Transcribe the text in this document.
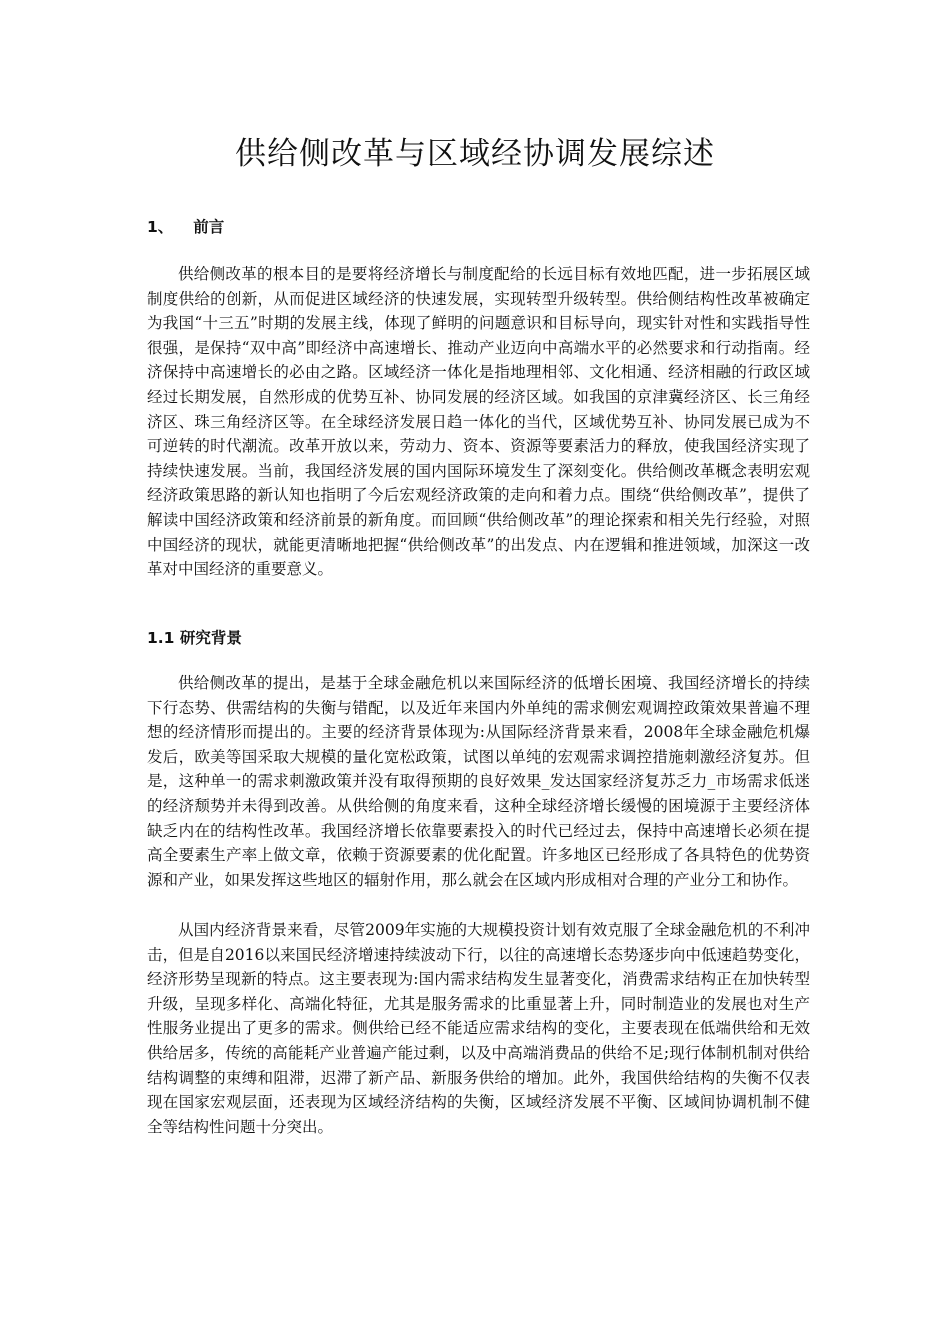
供给侧改革与区域经协调发展综述
1、 前言

供给侧改革的根本目的是要将经济增长与制度配给的长远目标有效地匹配，进一步拓展区域制度供给的创新，从而促进区域经济的快速发展，实现转型升级转型。供给侧结构性改革被确定为我国“十三五”时期的发展主线，体现了鲜明的问题意识和目标导向，现实针对性和实践指导性很强，是保持“双中高”即经济中高速增长、推动产业迈向中高端水平的必然要求和行动指南。经济保持中高速增长的必由之路。区域经济一体化是指地理相邻、文化相通、经济相融的行政区域经过长期发展，自然形成的优势互补、协同发展的经济区域。如我国的京津冀经济区、长三角经济区、珠三角经济区等。在全球经济发展日趋一体化的当代，区域优势互补、协同发展已成为不可逆转的时代潮流。改革开放以来，劳动力、资本、资源等要素活力的释放，使我国经济实现了持续快速发展。当前，我国经济发展的国内国际环境发生了深刻变化。供给侧改革概念表明宏观经济政策思路的新认知也指明了今后宏观经济政策的走向和着力点。围绕“供给侧改革”，提供了解读中国经济政策和经济前景的新角度。而回顾“供给侧改革”的理论探索和相关先行经验，对照中国经济的现状，就能更清晰地把握“供给侧改革”的出发点、内在逻辑和推进领域，加深这一改革对中国经济的重要意义。

1.1 研究背景

供给侧改革的提出，是基于全球金融危机以来国际经济的低增长困境、我国经济增长的持续下行态势、供需结构的失衡与错配，以及近年来国内外单纯的需求侧宏观调控政策效果普遍不理想的经济情形而提出的。主要的经济背景体现为:从国际经济背景来看，2008年全球金融危机爆发后，欧美等国采取大规模的量化宽松政策，试图以单纯的宏观需求调控措施刺激经济复苏。但是，这种单一的需求刺激政策并没有取得预期的良好效果_发达国家经济复苏乏力_市场需求低迷的经济颓势并未得到改善。从供给侧的角度来看，这种全球经济增长缓慢的困境源于主要经济体缺乏内在的结构性改革。我国经济增长依靠要素投入的时代已经过去，保持中高速增长必须在提高全要素生产率上做文章，依赖于资源要素的优化配置。许多地区已经形成了各具特色的优势资源和产业，如果发挥这些地区的辐射作用，那么就会在区域内形成相对合理的产业分工和协作。

从国内经济背景来看，尽管2009年实施的大规模投资计划有效克服了全球金融危机的不利冲击，但是自2016以来国民经济增速持续波动下行，以往的高速增长态势逐步向中低速趋势变化，经济形势呈现新的特点。这主要表现为:国内需求结构发生显著变化，消费需求结构正在加快转型升级，呈现多样化、高端化特征，尤其是服务需求的比重显著上升，同时制造业的发展也对生产性服务业提出了更多的需求。侧供给已经不能适应需求结构的变化，主要表现在低端供给和无效供给居多，传统的高能耗产业普遍产能过剩，以及中高端消费品的供给不足;现行体制机制对供给结构调整的束缚和阻滞，迟滞了新产品、新服务供给的增加。此外，我国供给结构的失衡不仅表现在国家宏观层面，还表现为区域经济结构的失衡，区域经济发展不平衡、区域间协调机制不健全等结构性问题十分突出。
